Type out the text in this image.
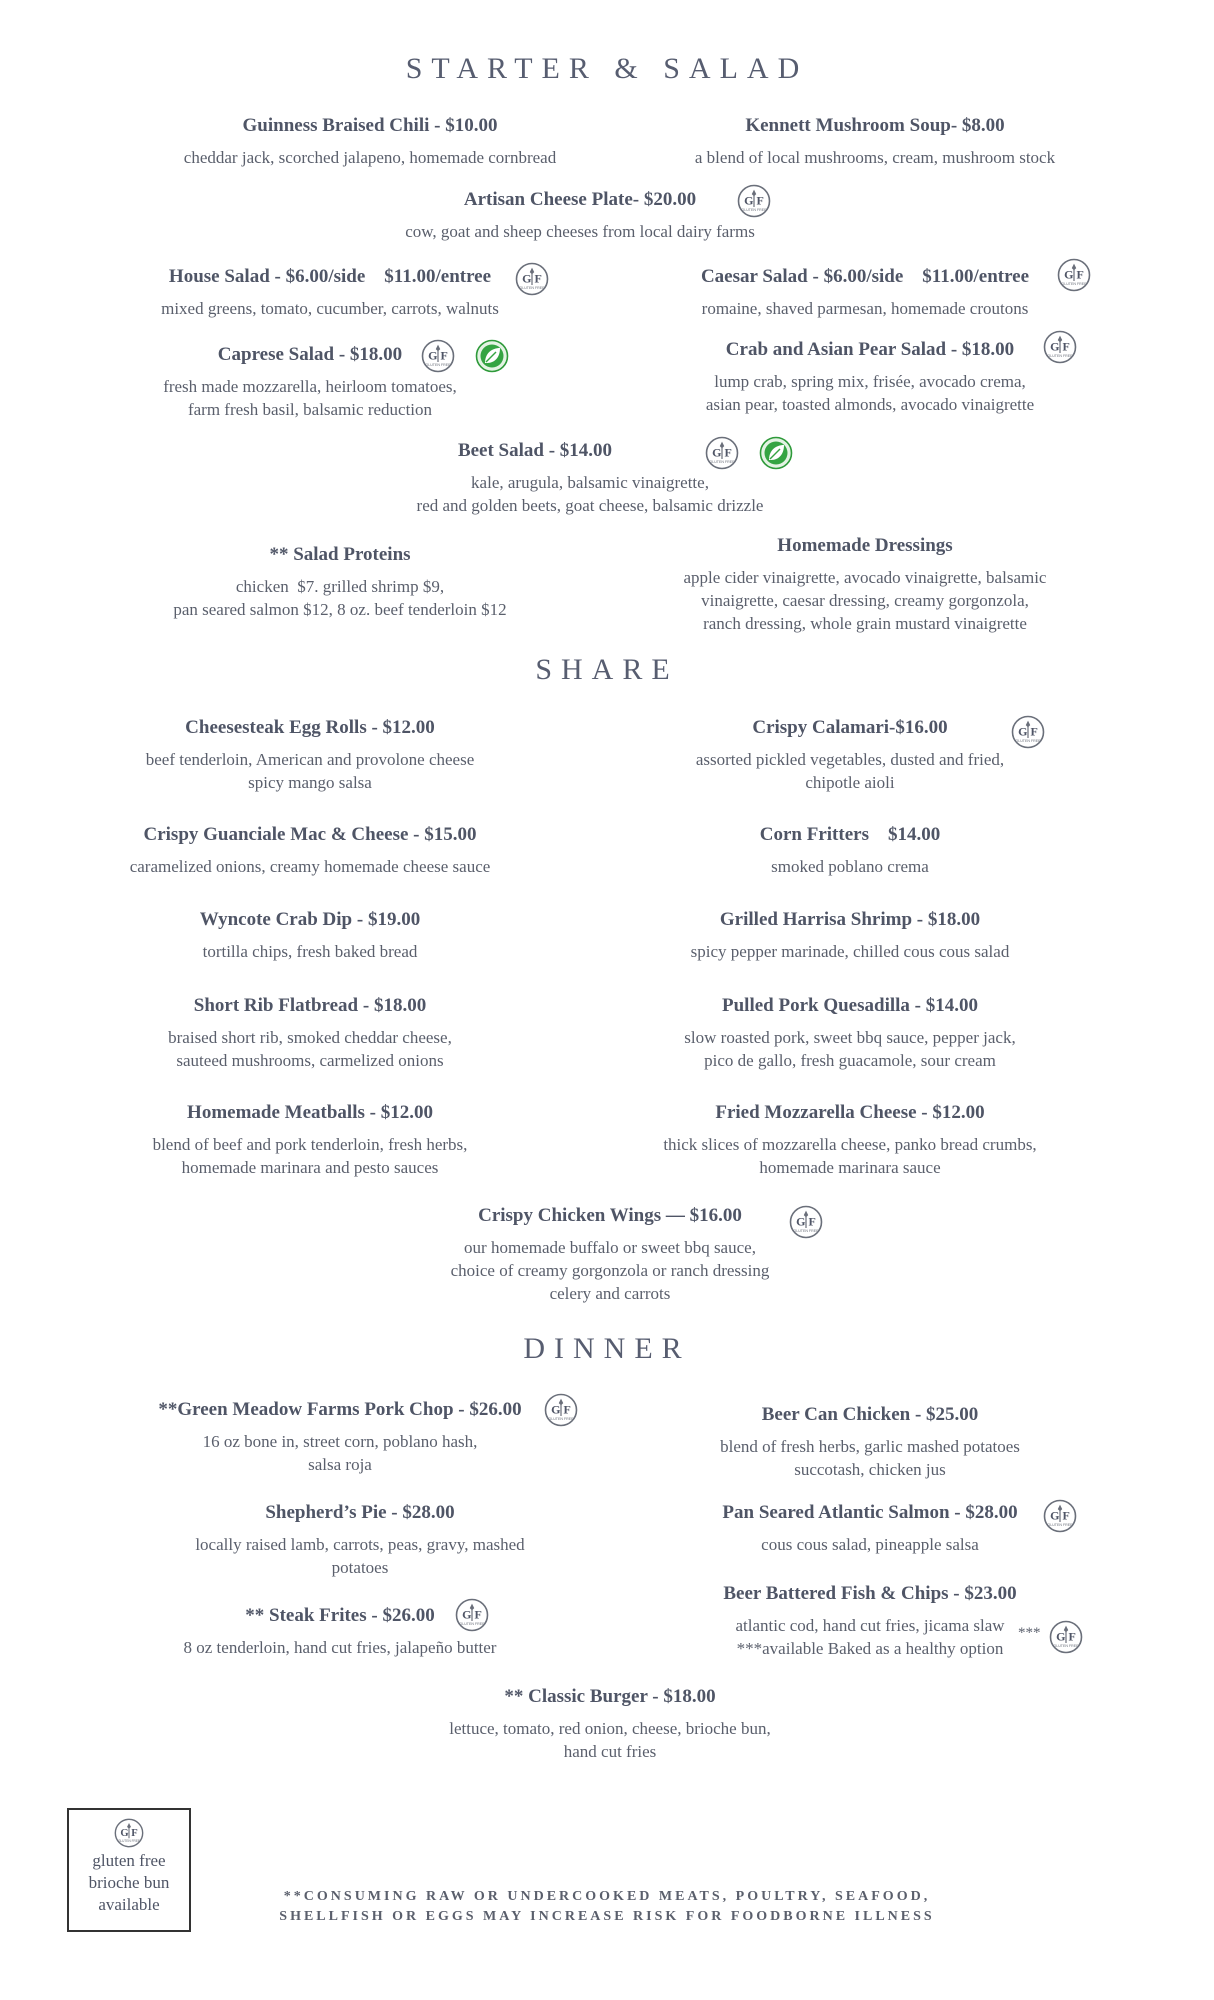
STARTER & SALAD
Guinness Braised Chili - $10.00
cheddar jack, scorched jalapeno, homemade cornbread
Kennett Mushroom Soup- $8.00
a blend of local mushrooms, cream, mushroom stock
Artisan Cheese Plate- $20.00
cow, goat and sheep cheeses from local dairy farms
House Salad - $6.00/side    $11.00/entree
mixed greens, tomato, cucumber, carrots, walnuts
Caesar Salad - $6.00/side    $11.00/entree
romaine, shaved parmesan, homemade croutons
Caprese Salad - $18.00
fresh made mozzarella, heirloom tomatoes,
farm fresh basil, balsamic reduction
Crab and Asian Pear Salad - $18.00
lump crab, spring mix, frisée, avocado crema,
asian pear, toasted almonds, avocado vinaigrette
Beet Salad - $14.00
kale, arugula, balsamic vinaigrette,
red and golden beets, goat cheese, balsamic drizzle
** Salad Proteins
chicken  $7. grilled shrimp $9,
pan seared salmon $12, 8 oz. beef tenderloin $12
Homemade Dressings
apple cider vinaigrette, avocado vinaigrette, balsamic
vinaigrette, caesar dressing, creamy gorgonzola,
ranch dressing, whole grain mustard vinaigrette
SHARE
Cheesesteak Egg Rolls - $12.00
beef tenderloin, American and provolone cheese
spicy mango salsa
Crispy Calamari-$16.00
assorted pickled vegetables, dusted and fried,
chipotle aioli
Crispy Guanciale Mac & Cheese - $15.00
caramelized onions, creamy homemade cheese sauce
Corn Fritters    $14.00
smoked poblano crema
Wyncote Crab Dip - $19.00
tortilla chips, fresh baked bread
Grilled Harrisa Shrimp - $18.00
spicy pepper marinade, chilled cous cous salad
Short Rib Flatbread - $18.00
braised short rib, smoked cheddar cheese,
sauteed mushrooms, carmelized onions
Pulled Pork Quesadilla - $14.00
slow roasted pork, sweet bbq sauce, pepper jack,
pico de gallo, fresh guacamole, sour cream
Homemade Meatballs - $12.00
blend of beef and pork tenderloin, fresh herbs,
homemade marinara and pesto sauces
Fried Mozzarella Cheese - $12.00
thick slices of mozzarella cheese, panko bread crumbs,
homemade marinara sauce
Crispy Chicken Wings — $16.00
our homemade buffalo or sweet bbq sauce,
choice of creamy gorgonzola or ranch dressing
celery and carrots
DINNER
**Green Meadow Farms Pork Chop - $26.00
16 oz bone in, street corn, poblano hash,
salsa roja
Beer Can Chicken - $25.00
blend of fresh herbs, garlic mashed potatoes
succotash, chicken jus
Shepherd’s Pie - $28.00
locally raised lamb, carrots, peas, gravy, mashed
potatoes
Pan Seared Atlantic Salmon - $28.00
cous cous salad, pineapple salsa
** Steak Frites - $26.00
8 oz tenderloin, hand cut fries, jalapeño butter
Beer Battered Fish & Chips - $23.00
atlantic cod, hand cut fries, jicama slaw
***available Baked as a healthy option
***
** Classic Burger - $18.00
lettuce, tomato, red onion, cheese, brioche bun,
hand cut fries
gluten free
brioche bun
available	**CONSUMING RAW OR UNDERCOOKED MEATS, POULTRY, SEAFOOD,
SHELLFISH OR EGGS MAY INCREASE RISK FOR FOODBORNE ILLNESS
